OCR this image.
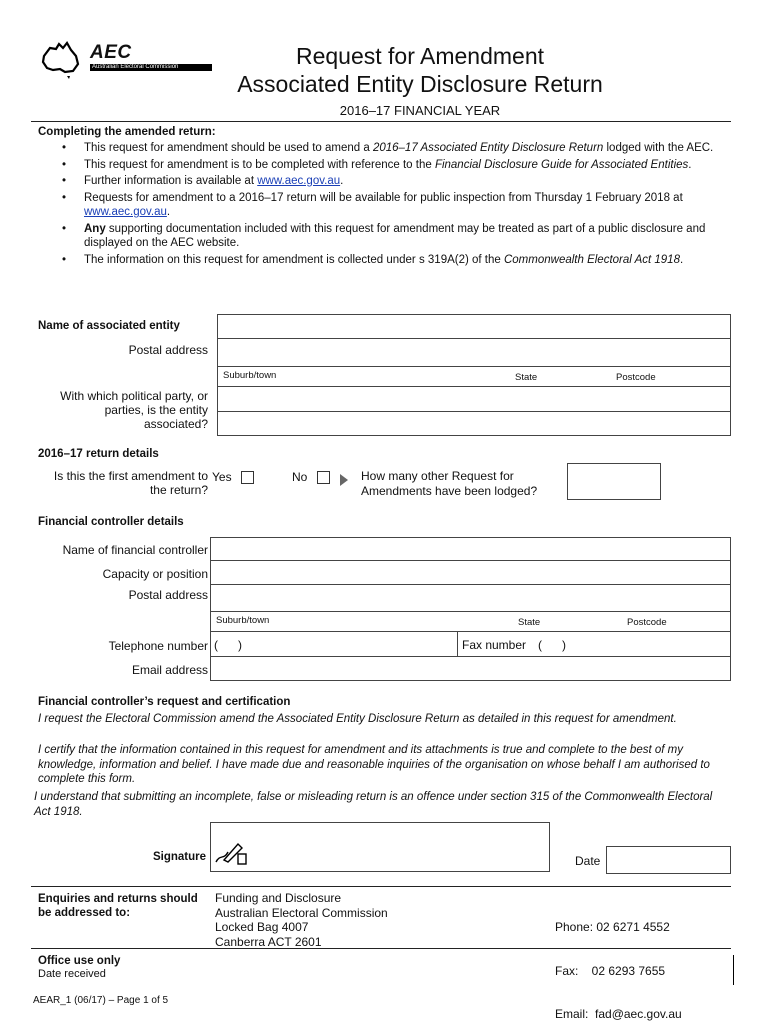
AEC
Australian Electoral Commission	Request for Amendment
Associated Entity Disclosure Return
2016–17 FINANCIAL YEAR
Completing the amended return:
• This request for amendment should be used to amend a 2016–17 Associated Entity Disclosure Return lodged with the AEC.
• This request for amendment is to be completed with reference to the Financial Disclosure Guide for Associated Entities.
• Further information is available at www.aec.gov.au.
• Requests for amendment to a 2016–17 return will be available for public inspection from Thursday 1 February 2018 at www.aec.gov.au.
• Any supporting documentation included with this request for amendment may be treated as part of a public disclosure and displayed on the AEC website.
• The information on this request for amendment is collected under s 319A(2) of the Commonwealth Electoral Act 1918.
Name of associated entity
Postal address
Suburb/town	State	Postcode
With which political party, or parties, is the entity associated?
2016–17 return details
Is this the first amendment to the return?
Yes	No	How many other Request for Amendments have been lodged?
Financial controller details
Name of financial controller
Capacity or position
Postal address
Suburb/town	State	Postcode
Telephone number (      )	Fax number (      )
Email address
Financial controller’s request and certification
I request the Electoral Commission amend the Associated Entity Disclosure Return as detailed in this request for amendment.
I certify that the information contained in this request for amendment and its attachments is true and complete to the best of my knowledge, information and belief. I have made due and reasonable inquiries of the organisation on whose behalf I am authorised to complete this form.
I understand that submitting an incomplete, false or misleading return is an offence under section 315 of the Commonwealth Electoral Act 1918.
Signature	Date
Enquiries and returns should be addressed to:
Funding and Disclosure
Australian Electoral Commission
Locked Bag 4007
Canberra ACT 2601

Phone: 02 6271 4552

Fax:    02 6293 7655

Email:  fad@aec.gov.au

Office use only
Date received
AEAR_1 (06/17) – Page 1 of 5
